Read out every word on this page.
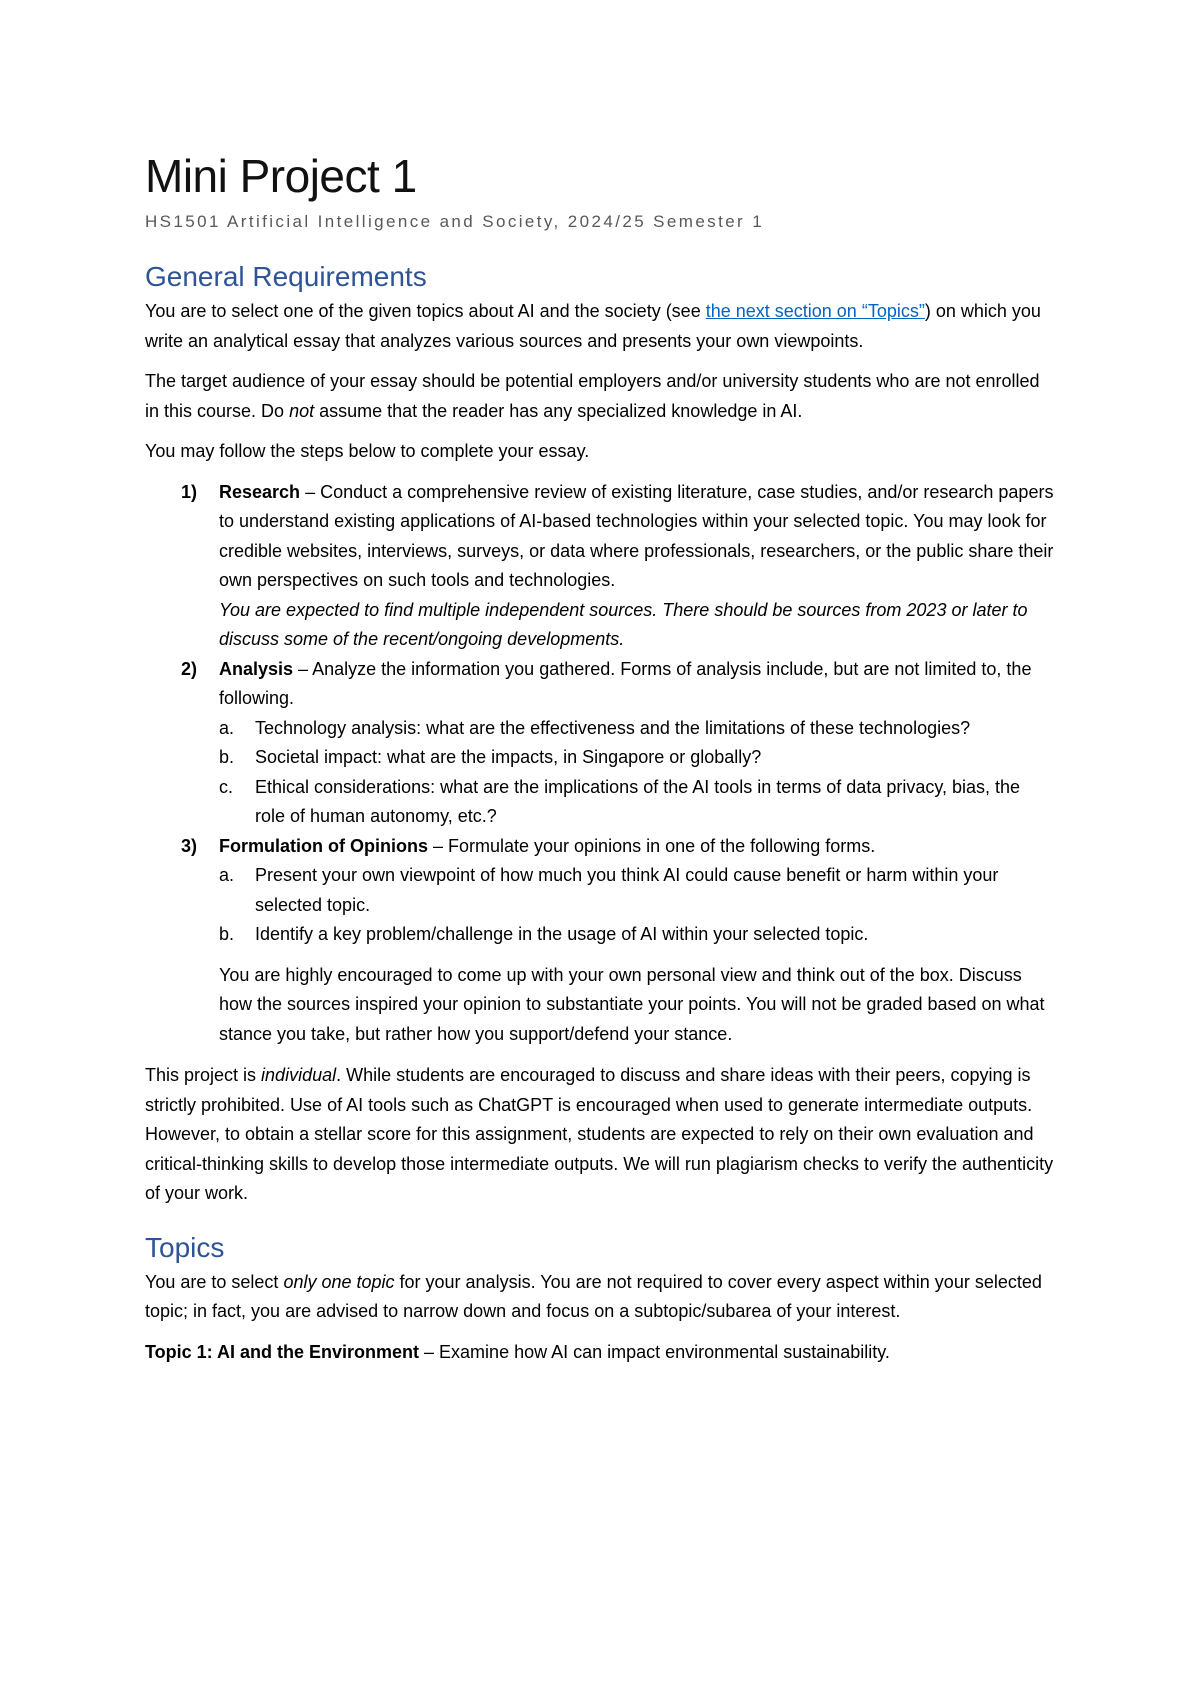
Mini Project 1
HS1501 Artificial Intelligence and Society, 2024/25 Semester 1
General Requirements

You are to select one of the given topics about AI and the society (see the next section on “Topics”) on which you write an analytical essay that analyzes various sources and presents your own viewpoints.

The target audience of your essay should be potential employers and/or university students who are not enrolled in this course. Do not assume that the reader has any specialized knowledge in AI.

You may follow the steps below to complete your essay.

1) Research – Conduct a comprehensive review of existing literature, case studies, and/or research papers to understand existing applications of AI-based technologies within your selected topic. You may look for credible websites, interviews, surveys, or data where professionals, researchers, or the public share their own perspectives on such tools and technologies.
You are expected to find multiple independent sources. There should be sources from 2023 or later to discuss some of the recent/ongoing developments.
2) Analysis – Analyze the information you gathered. Forms of analysis include, but are not limited to, the following.
a. Technology analysis: what are the effectiveness and the limitations of these technologies?
b. Societal impact: what are the impacts, in Singapore or globally?
c. Ethical considerations: what are the implications of the AI tools in terms of data privacy, bias, the role of human autonomy, etc.?
3) Formulation of Opinions – Formulate your opinions in one of the following forms.
a. Present your own viewpoint of how much you think AI could cause benefit or harm within your selected topic.
b. Identify a key problem/challenge in the usage of AI within your selected topic.

You are highly encouraged to come up with your own personal view and think out of the box. Discuss how the sources inspired your opinion to substantiate your points. You will not be graded based on what stance you take, but rather how you support/defend your stance.

This project is individual. While students are encouraged to discuss and share ideas with their peers, copying is strictly prohibited. Use of AI tools such as ChatGPT is encouraged when used to generate intermediate outputs. However, to obtain a stellar score for this assignment, students are expected to rely on their own evaluation and critical-thinking skills to develop those intermediate outputs. We will run plagiarism checks to verify the authenticity of your work.

Topics

You are to select only one topic for your analysis. You are not required to cover every aspect within your selected topic; in fact, you are advised to narrow down and focus on a subtopic/subarea of your interest.

Topic 1: AI and the Environment – Examine how AI can impact environmental sustainability.
